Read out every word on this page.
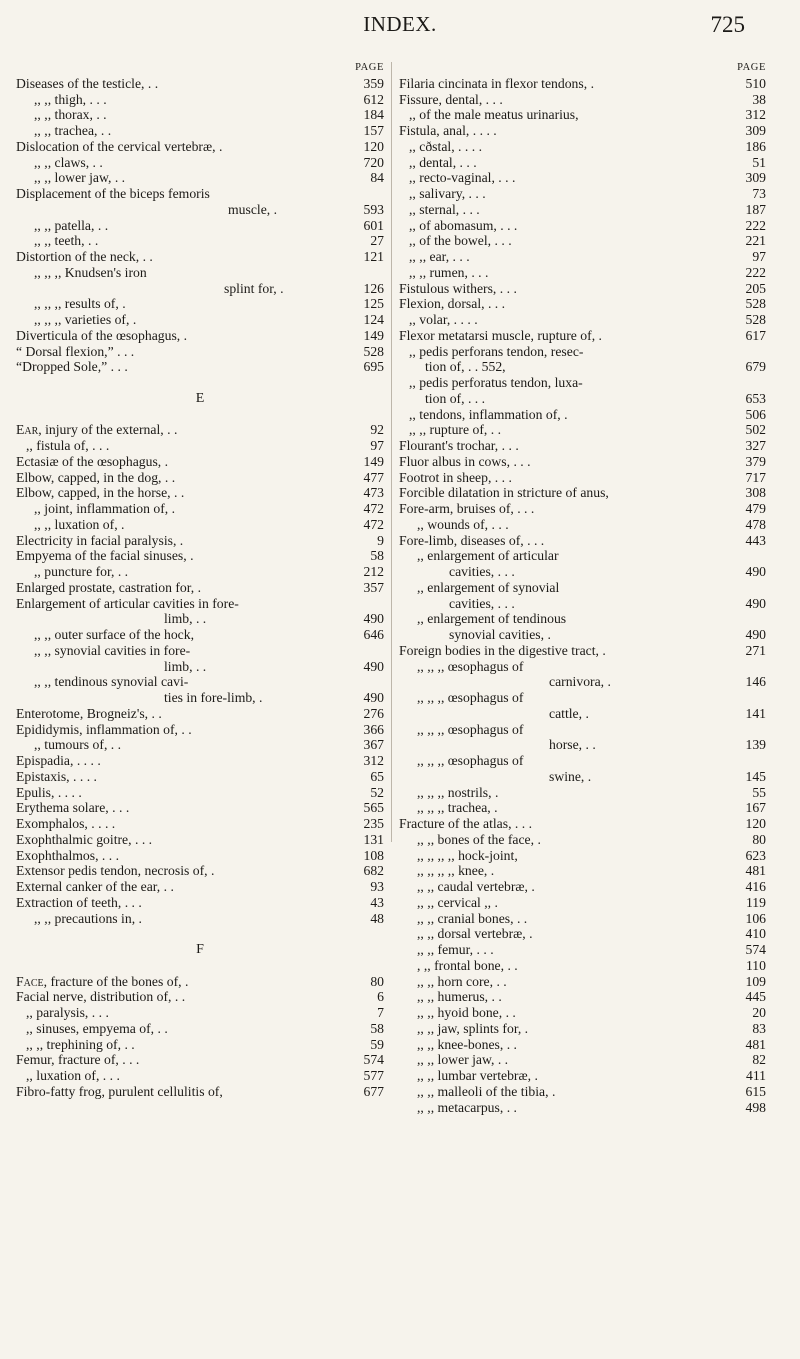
INDEX.	725
PAGE
Diseases of the testicle, . .	359
,, ,, thigh, . . .	612
,, ,, thorax, . .	184
,, ,, trachea, . .	157
Dislocation of the cervical vertebræ, .	120
,, ,, claws, . .	720
,, ,, lower jaw, . .	84
Displacement of the biceps femoris
muscle, .	593
,, ,, patella, . .	601
,, ,, teeth, . .	27
Distortion of the neck, . .	121
,, ,, ,, Knudsen's iron
splint for, .	126
,, ,, ,, results of, .	125
,, ,, ,, varieties of, .	124
Diverticula of the œsophagus, .	149
“ Dorsal flexion,” . . .	528
“Dropped Sole,” . . .	695
E
Ear, injury of the external, . .	92
,, fistula of, . . .	97
Ectasiæ of the œsophagus, .	149
Elbow, capped, in the dog, . .	477
Elbow, capped, in the horse, . .	473
,, joint, inflammation of, .	472
,, ,, luxation of, .	472
Electricity in facial paralysis, .	9
Empyema of the facial sinuses, .	58
,, puncture for, . .	212
Enlarged prostate, castration for, .	357
Enlargement of articular cavities in fore-
limb, . .	490
,, ,, outer surface of the hock,	646
,, ,, synovial cavities in fore-
limb, . .	490
,, ,, tendinous synovial cavi-
ties in fore-limb, .	490
Enterotome, Brogneiz's, . .	276
Epididymis, inflammation of, . .	366
,, tumours of, . .	367
Epispadia, . . . .	312
Epistaxis, . . . .	65
Epulis, . . . .	52
Erythema solare, . . .	565
Exomphalos, . . . .	235
Exophthalmic goitre, . . .	131
Exophthalmos, . . .	108
Extensor pedis tendon, necrosis of, .	682
External canker of the ear, . .	93
Extraction of teeth, . . .	43
,, ,, precautions in, .	48
F
Face, fracture of the bones of, .	80
Facial nerve, distribution of, . .	6
,, paralysis, . . .	7
,, sinuses, empyema of, . .	58
,, ,, trephining of, . .	59
Femur, fracture of, . . .	574
,, luxation of, . . .	577
Fibro-fatty frog, purulent cellulitis of,	677
PAGE
Filaria cincinata in flexor tendons, .	510
Fissure, dental, . . .	38
,, of the male meatus urinarius,	312
Fistula, anal, . . . .	309
,, cðstal, . . . .	186
,, dental, . . .	51
,, recto-vaginal, . . .	309
,, salivary, . . .	73
,, sternal, . . .	187
,, of abomasum, . . .	222
,, of the bowel, . . .	221
,, ,, ear, . . .	97
,, ,, rumen, . . .	222
Fistulous withers, . . .	205
Flexion, dorsal, . . .	528
,, volar, . . . .	528
Flexor metatarsi muscle, rupture of, .	617
,, pedis perforans tendon, resec-
tion of, . . 552,	679
,, pedis perforatus tendon, luxa-
tion of, . . .	653
,, tendons, inflammation of, .	506
,, ,, rupture of, . .	502
Flourant's trochar, . . .	327
Fluor albus in cows, . . .	379
Footrot in sheep, . . .	717
Forcible dilatation in stricture of anus,	308
Fore-arm, bruises of, . . .	479
,, wounds of, . . .	478
Fore-limb, diseases of, . . .	443
,, enlargement of articular
cavities, . . .	490
,, enlargement of synovial
cavities, . . .	490
,, enlargement of tendinous
synovial cavities, .	490
Foreign bodies in the digestive tract, .	271
,, ,, ,, œsophagus of
carnivora, .	146
,, ,, ,, œsophagus of
cattle, .	141
,, ,, ,, œsophagus of
horse, . .	139
,, ,, ,, œsophagus of
swine, .	145
,, ,, ,, nostrils, .	55
,, ,, ,, trachea, .	167
Fracture of the atlas, . . .	120
,, ,, bones of the face, .	80
,, ,, ,, ,, hock-joint,	623
,, ,, ,, ,, knee, .	481
,, ,, caudal vertebræ, .	416
,, ,, cervical ,, .	119
,, ,, cranial bones, . .	106
,, ,, dorsal vertebræ, .	410
,, ,, femur, . . .	574
, ,, frontal bone, . .	110
,, ,, horn core, . .	109
,, ,, humerus, . .	445
,, ,, hyoid bone, . .	20
,, ,, jaw, splints for, .	83
,, ,, knee-bones, . .	481
,, ,, lower jaw, . .	82
,, ,, lumbar vertebræ, .	411
,, ,, malleoli of the tibia, .	615
,, ,, metacarpus, . .	498
